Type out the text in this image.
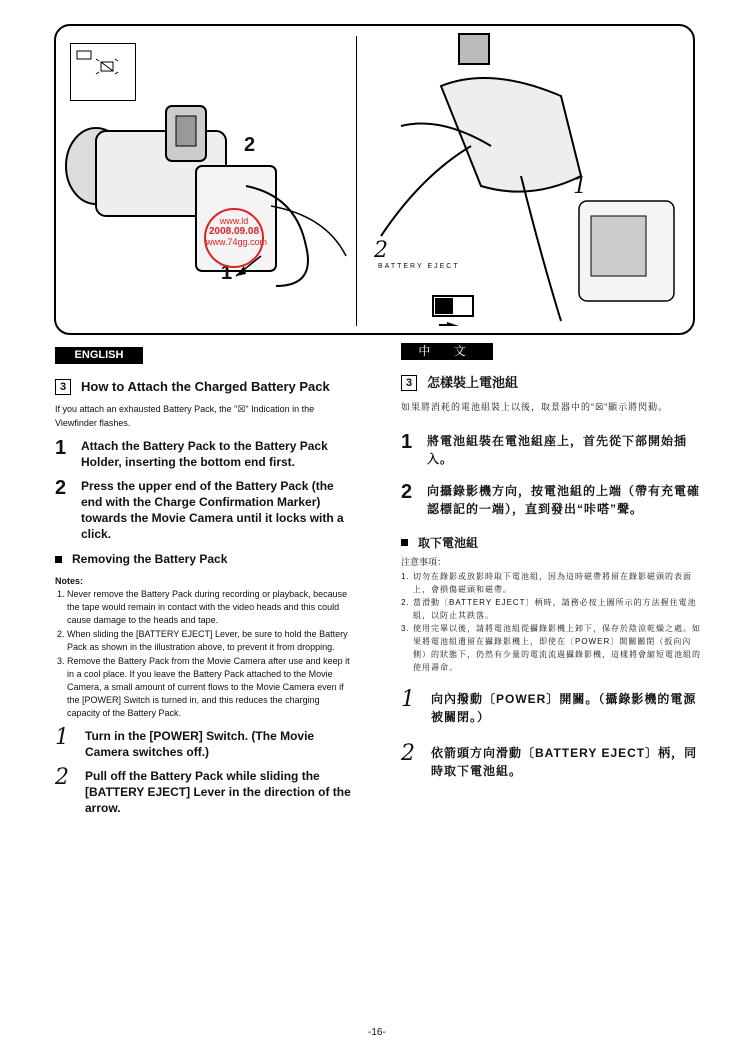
2
1
www.ld
2008.09.08
www.74gg.com
1
2
BATTERY EJECT
ENGLISH
3	How to Attach the Charged Battery Pack
If you attach an exhausted Battery Pack, the "☒" Indication in the Viewfinder flashes.
1	Attach the Battery Pack to the Battery Pack Holder, inserting the bottom end first.
2	Press the upper end of the Battery Pack (the end with the Charge Confirmation Marker) towards the Movie Camera until it locks with a click.
Removing the Battery Pack
Notes:
1. Never remove the Battery Pack during recording or playback, because the tape would remain in contact with the video heads and this could cause damage to the heads and tape.
2. When sliding the [BATTERY EJECT] Lever, be sure to hold the Battery Pack as shown in the illustration above, to prevent it from dropping.
3. Remove the Battery Pack from the Movie Camera after use and keep it in a cool place. If you leave the Battery Pack attached to the Movie Camera, a small amount of current flows to the Movie Camera even if the [POWER] Switch is turned in, and this reduces the charging capacity of the Battery Pack.
1	Turn in the [POWER] Switch. (The Movie Camera switches off.)
2	Pull off the Battery Pack while sliding the [BATTERY EJECT] Lever in the direction of the arrow.
中 文
3	怎樣裝上電池組
如果將消耗的電池組裝上以後，取景器中的“☒”顯示將閃動。
1	將電池組裝在電池組座上，首先從下部開始插入。
2	向攝錄影機方向，按電池組的上端（帶有充電確認標記的一端），直到發出“咔嗒”聲。
取下電池組
注意事項：
1. 切勿在錄影或放影時取下電池組，因為這時磁帶將留在錄影磁頭的表面上，會損傷磁頭和磁帶。
2. 當滑動〔BATTERY EJECT〕柄時，請務必按上圖所示的方法握住電池組，以防止其跌落。
3. 使用完畢以後，請將電池組從攝錄影機上卸下，保存於陰涼乾燥之處。如果將電池組遺留在攝錄影機上，即使在〔POWER〕開關關閉（扳向內側）的狀態下，仍然有少量的電流流過攝錄影機，這樣將會縮短電池組的使用壽命。
1	向內撥動〔POWER〕開關。（攝錄影機的電源被關閉。）
2	依箭頭方向滑動〔BATTERY EJECT〕柄，同時取下電池組。
-16-
